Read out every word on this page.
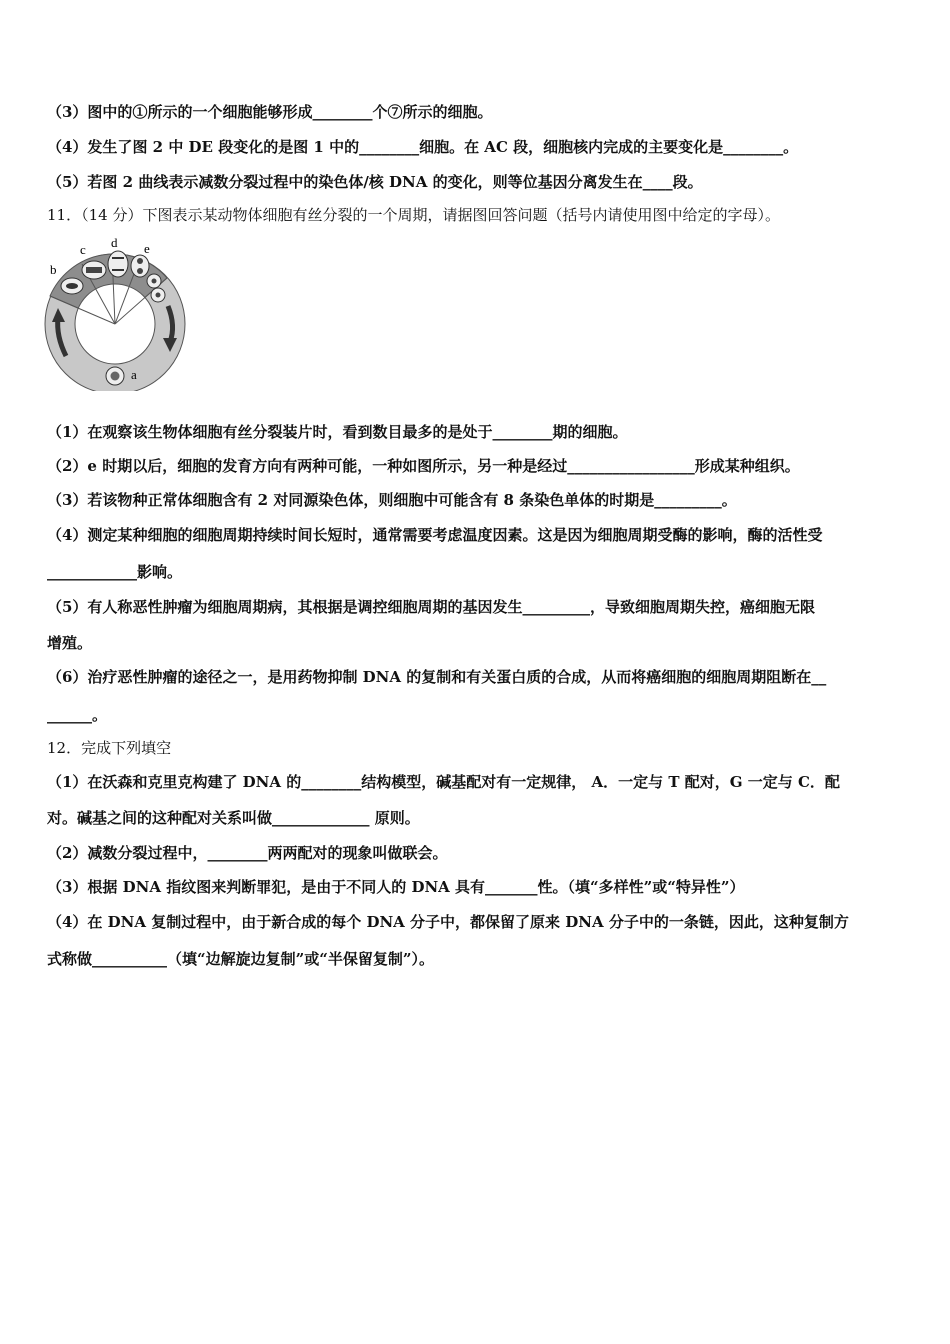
（3）图中的①所示的一个细胞能够形成________个⑦所示的细胞。
（4）发生了图 2 中 DE 段变化的是图 1 中的________细胞。在 AC 段，细胞核内完成的主要变化是________。
（5）若图 2 曲线表示减数分裂过程中的染色体/核 DNA 的变化，则等位基因分离发生在____段。
11．（14 分）下图表示某动物体细胞有丝分裂的一个周期，请据图回答问题（括号内请使用图中给定的字母）。
b
c d e
a
（1）在观察该生物体细胞有丝分裂装片时，看到数目最多的是处于________期的细胞。
（2）e 时期以后，细胞的发育方向有两种可能，一种如图所示，另一种是经过_________________形成某种组织。
（3）若该物种正常体细胞含有 2 对同源染色体，则细胞中可能含有 8 条染色单体的时期是_________。
（4）测定某种细胞的细胞周期持续时间长短时，通常需要考虑温度因素。这是因为细胞周期受酶的影响，酶的活性受
____________影响。
（5）有人称恶性肿瘤为细胞周期病，其根据是调控细胞周期的基因发生_________，导致细胞周期失控，癌细胞无限
增殖。
（6）治疗恶性肿瘤的途径之一，是用药物抑制 DNA 的复制和有关蛋白质的合成，从而将癌细胞的细胞周期阻断在__
______。
12．完成下列填空
（1）在沃森和克里克构建了 DNA 的________结构模型，碱基配对有一定规律， A．一定与 T 配对，G 一定与 C．配
对。碱基之间的这种配对关系叫做_____________ 原则。
（2）减数分裂过程中，________两两配对的现象叫做联会。
（3）根据 DNA 指纹图来判断罪犯，是由于不同人的 DNA 具有_______性。（填“多样性”或“特异性”）
（4）在 DNA 复制过程中，由于新合成的每个 DNA 分子中，都保留了原来 DNA 分子中的一条链，因此，这种复制方
式称做__________（填“边解旋边复制”或“半保留复制”）。
